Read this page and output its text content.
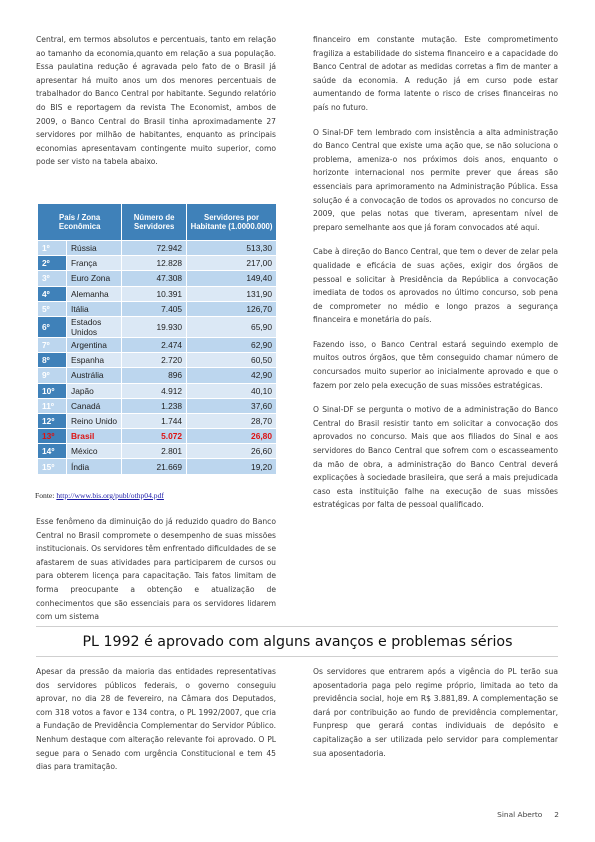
Central, em termos absolutos e percentuais, tanto em relação ao tamanho da economia,quanto em relação a sua população. Essa paulatina redução é agravada pelo fato de o Brasil já apresentar há muito anos um dos menores percentuais de trabalhador do Banco Central por habitante. Segundo relatório do BIS e reportagem da revista The Economist, ambos de 2009, o Banco Central do Brasil tinha aproximadamente 27 servidores por milhão de habitantes, enquanto as principais economias apresentavam contingente muito superior, como pode ser visto na tabela abaixo.

País / Zona Econômica		Número de Servidores	Servidores por Habitante (1.0000.000)
1º	Rússia	72.942	513,30
2º	França	12.828	217,00
3º	Euro Zona	47.308	149,40
4º	Alemanha	10.391	131,90
5º	Itália	7.405	126,70
6º	Estados Unidos	19.930	65,90
7º	Argentina	2.474	62,90
8º	Espanha	2.720	60,50
9º	Austrália	896	42,90
10º	Japão	4.912	40,10
11º	Canadá	1.238	37,60
12º	Reino Unido	1.744	28,70
13º	Brasil	5.072	26,80
14º	México	2.801	26,60
15º	Índia	21.669	19,20
Fonte: http://www.bis.org/publ/othp04.pdf

Esse fenômeno da diminuição do já reduzido quadro do Banco Central no Brasil compromete o desempenho de suas missões institucionais. Os servidores têm enfrentado dificuldades de se afastarem de suas atividades para participarem de cursos ou para obterem licença para capacitação. Tais fatos limitam de forma preocupante a obtenção e atualização de conhecimentos que são essenciais para os servidores lidarem com um sistema

financeiro em constante mutação. Este comprometimento fragiliza a estabilidade do sistema financeiro e a capacidade do Banco Central de adotar as medidas corretas a fim de manter a saúde da economia. A redução já em curso pode estar aumentando de forma latente o risco de crises financeiras no país no futuro.

O Sinal-DF tem lembrado com insistência a alta administração do Banco Central que existe uma ação que, se não soluciona o problema, ameniza-o nos próximos dois anos, enquanto o horizonte internacional nos permite prever que áreas são essenciais para aprimoramento na Administração Pública. Essa solução é a convocação de todos os aprovados no concurso de 2009, que pelas notas que tiveram, apresentam nível de preparo semelhante aos que já foram convocados até aqui.

Cabe à direção do Banco Central, que tem o dever de zelar pela qualidade e eficácia de suas ações, exigir dos órgãos de pessoal e solicitar à Presidência da República a convocação imediata de todos os aprovados no último concurso, sob pena de comprometer no médio e longo prazos a segurança financeira e monetária do país.

Fazendo isso, o Banco Central estará seguindo exemplo de muitos outros órgãos, que têm conseguido chamar número de concursados muito superior ao inicialmente aprovado e que o fazem por zelo pela execução de suas missões estratégicas.

O Sinal-DF se pergunta o motivo de a administração do Banco Central do Brasil resistir tanto em solicitar a convocação dos aprovados no concurso. Mais que aos filiados do Sinal e aos servidores do Banco Central que sofrem com o escasseamento da mão de obra, a administração do Banco Central deverá explicações à sociedade brasileira, que será a mais prejudicada caso esta instituição falhe na execução de suas missões estratégicas por falta de pessoal qualificado.

PL 1992 é aprovado com alguns avanços e problemas sérios

Apesar da pressão da maioria das entidades representativas dos servidores públicos federais, o governo conseguiu aprovar, no dia 28 de fevereiro, na Câmara dos Deputados, com 318 votos a favor e 134 contra, o PL 1992/2007, que cria a Fundação de Previdência Complementar do Servidor Público. Nenhum destaque com alteração relevante foi aprovado. O PL segue para o Senado com urgência Constitucional e tem 45 dias para tramitação.

Os servidores que entrarem após a vigência do PL terão sua aposentadoria paga pelo regime próprio, limitada ao teto da previdência social, hoje em R$ 3.881,89. A complementação se dará por contribuição ao fundo de previdência complementar, Funpresp que gerará contas individuais de depósito e capitalização a ser utilizada pelo servidor para complementar sua aposentadoria.

Sinal Aberto 2
